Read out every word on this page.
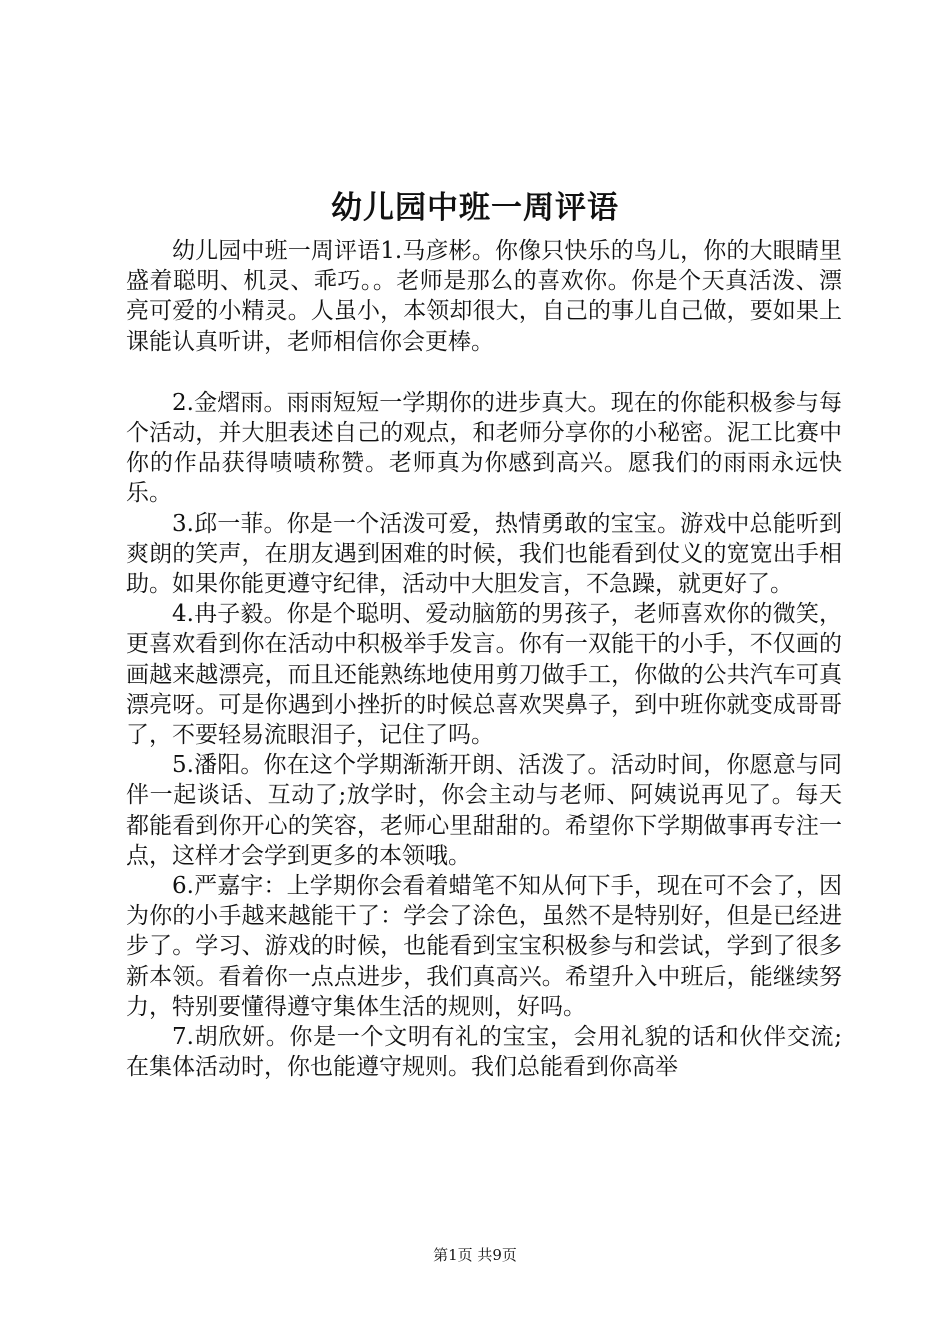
幼儿园中班一周评语

幼儿园中班一周评语1.马彦彬。你像只快乐的鸟儿，你的大眼睛里盛着聪明、机灵、乖巧。。老师是那么的喜欢你。你是个天真活泼、漂亮可爱的小精灵。人虽小，本领却很大，自己的事儿自己做，要如果上课能认真听讲，老师相信你会更棒。

2.金熠雨。雨雨短短一学期你的进步真大。现在的你能积极参与每个活动，并大胆表述自己的观点，和老师分享你的小秘密。泥工比赛中你的作品获得啧啧称赞。老师真为你感到高兴。愿我们的雨雨永远快乐。

3.邱一菲。你是一个活泼可爱，热情勇敢的宝宝。游戏中总能听到爽朗的笑声，在朋友遇到困难的时候，我们也能看到仗义的宽宽出手相助。如果你能更遵守纪律，活动中大胆发言，不急躁，就更好了。

4.冉子毅。你是个聪明、爱动脑筋的男孩子，老师喜欢你的微笑，更喜欢看到你在活动中积极举手发言。你有一双能干的小手，不仅画的画越来越漂亮，而且还能熟练地使用剪刀做手工，你做的公共汽车可真漂亮呀。可是你遇到小挫折的时候总喜欢哭鼻子，到中班你就变成哥哥了，不要轻易流眼泪子，记住了吗。

5.潘阳。你在这个学期渐渐开朗、活泼了。活动时间，你愿意与同伴一起谈话、互动了;放学时，你会主动与老师、阿姨说再见了。每天都能看到你开心的笑容，老师心里甜甜的。希望你下学期做事再专注一点，这样才会学到更多的本领哦。

6.严嘉宇：上学期你会看着蜡笔不知从何下手，现在可不会了，因为你的小手越来越能干了：学会了涂色，虽然不是特别好，但是已经进步了。学习、游戏的时候，也能看到宝宝积极参与和尝试，学到了很多新本领。看着你一点点进步，我们真高兴。希望升入中班后，能继续努力，特别要懂得遵守集体生活的规则，好吗。

7.胡欣妍。你是一个文明有礼的宝宝，会用礼貌的话和伙伴交流;在集体活动时，你也能遵守规则。我们总能看到你高举

第1页 共9页
